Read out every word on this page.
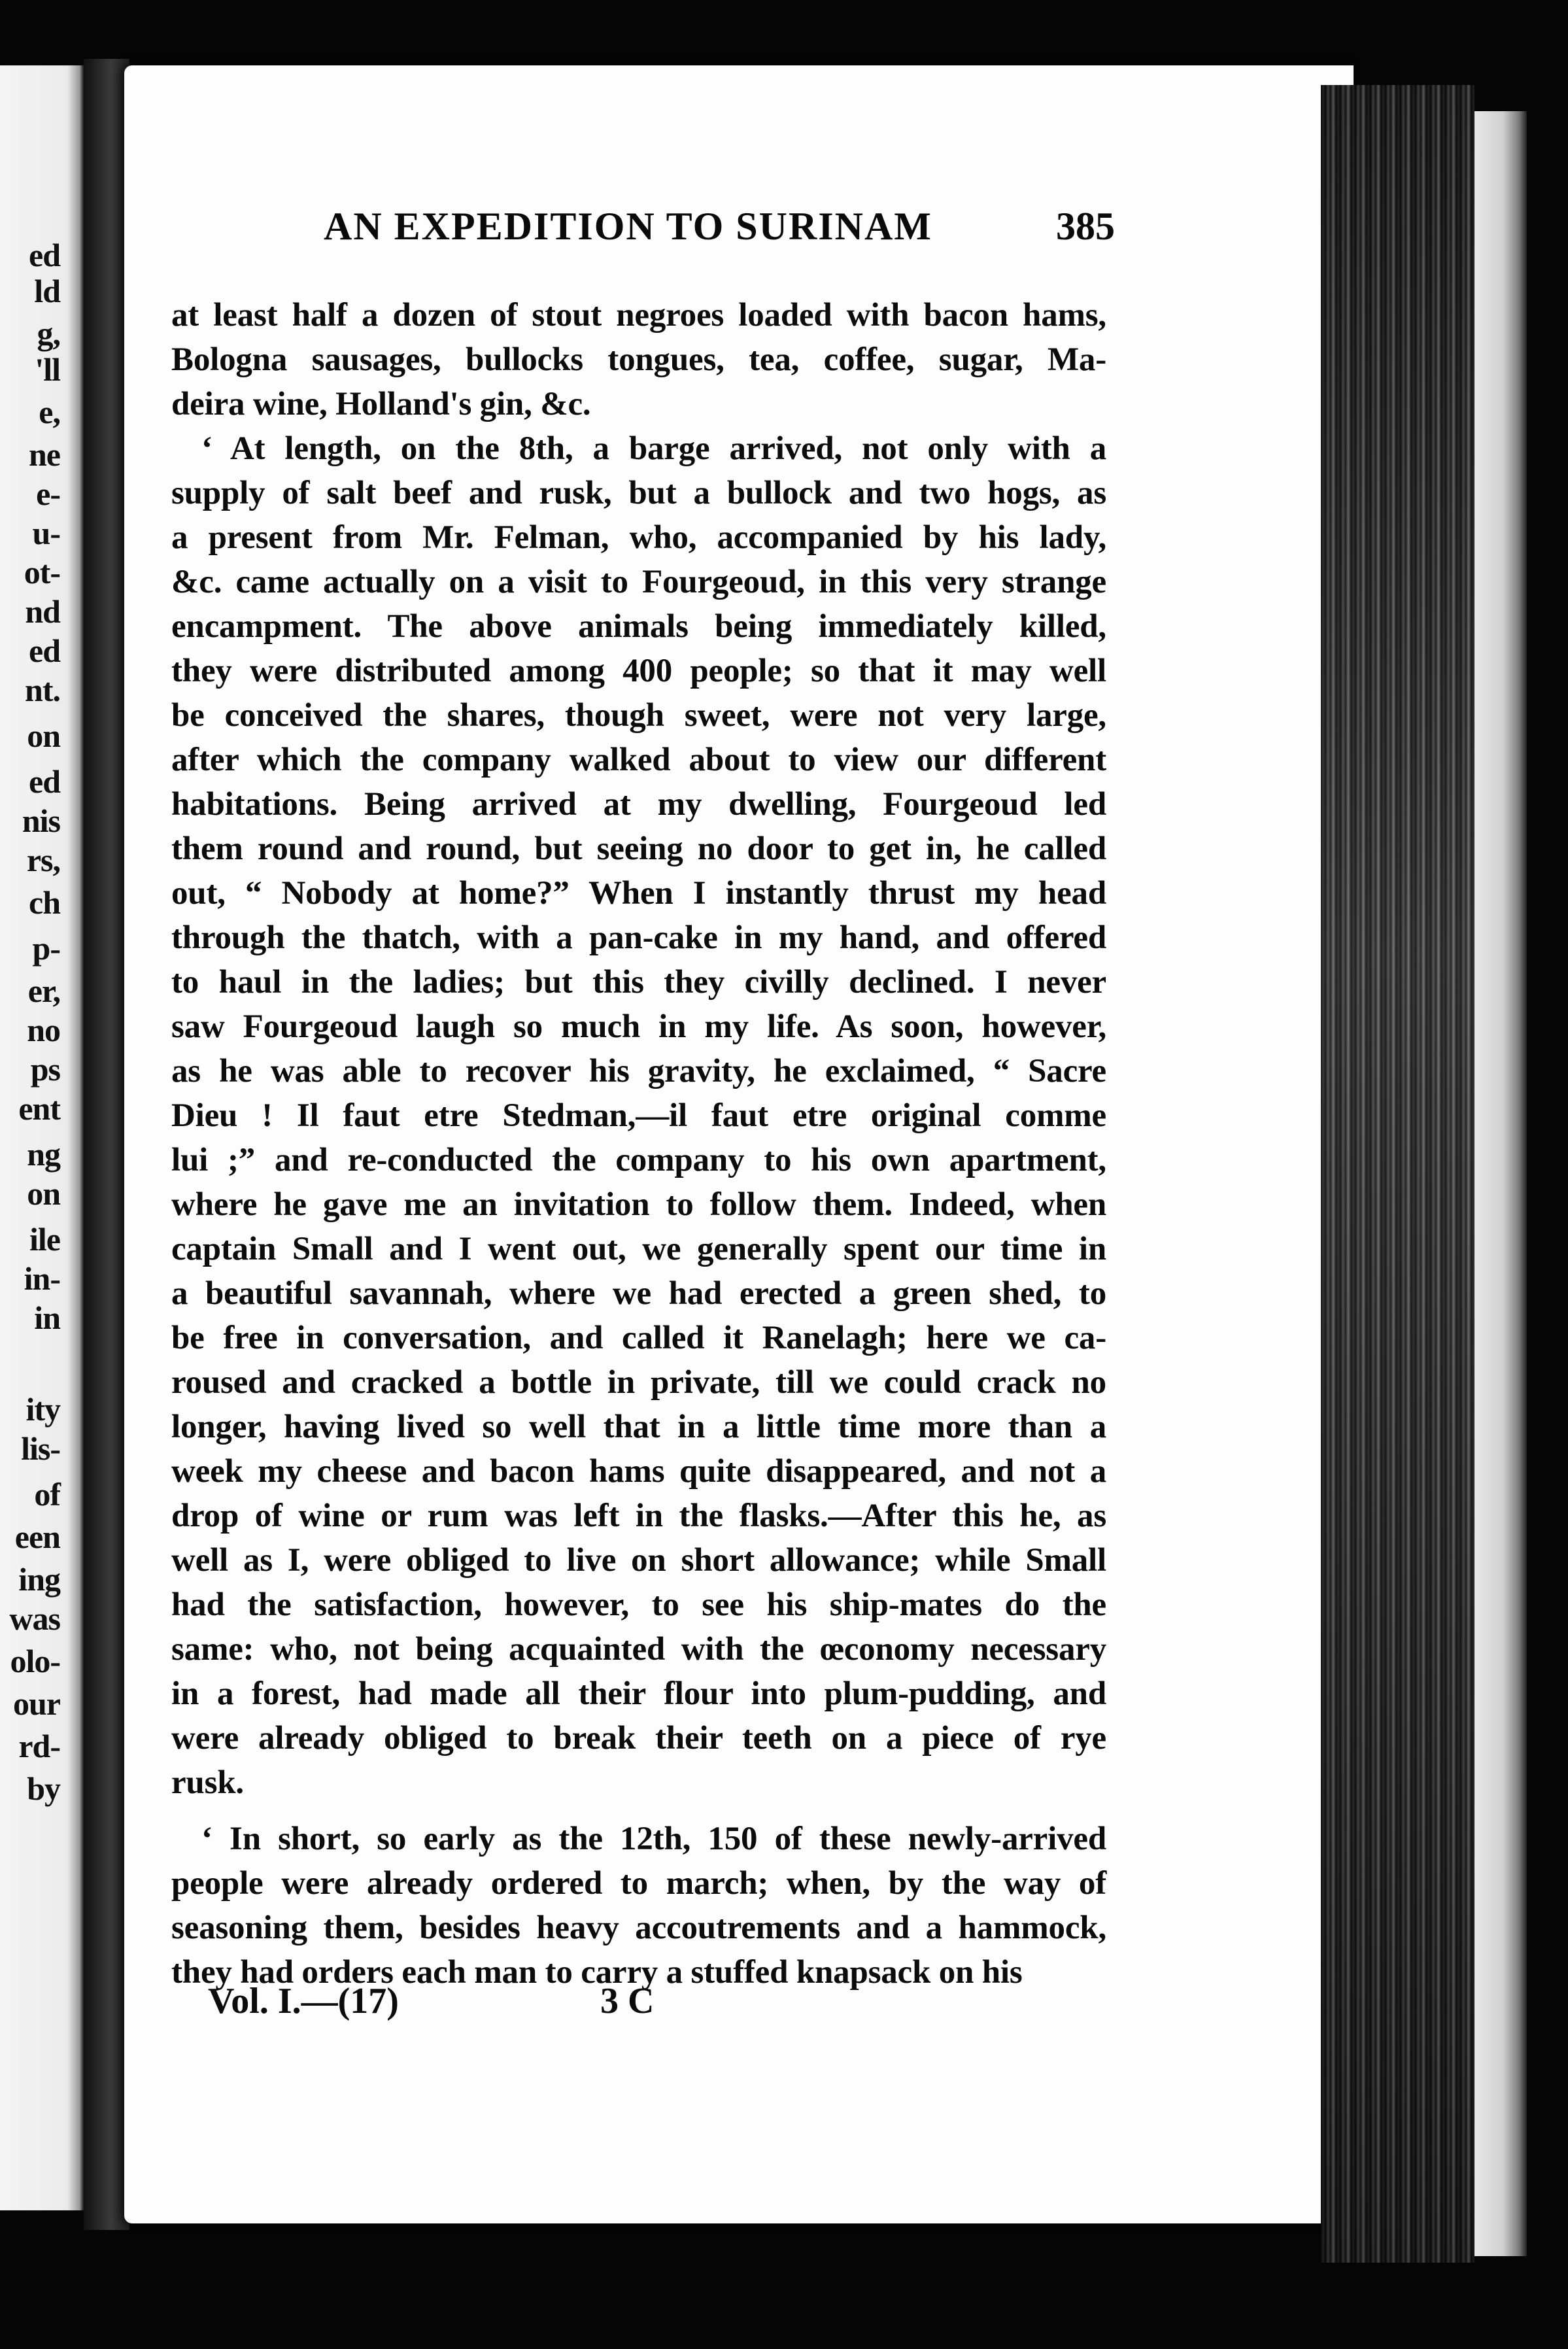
ed
ld
g,
'll
e,
ne
e-
u-
ot-
nd
ed
nt.
on
ed
nis
rs,
ch
p-
er,
no
ps
ent
ng
on
ile
in-
in
ity
lis-
of
een
ing
was
olo-
our
rd-
by
AN EXPEDITION TO SURINAM	385
at least half a dozen of stout negroes loaded with bacon hams,
Bologna sausages, bullocks tongues, tea, coffee, sugar, Ma-
deira wine, Holland's gin, &c.
‘ At length, on the 8th, a barge arrived, not only with a
supply of salt beef and rusk, but a bullock and two hogs, as
a present from Mr. Felman, who, accompanied by his lady,
&c. came actually on a visit to Fourgeoud, in this very strange
encampment. The above animals being immediately killed,
they were distributed among 400 people; so that it may well
be conceived the shares, though sweet, were not very large,
after which the company walked about to view our different
habitations. Being arrived at my dwelling, Fourgeoud led
them round and round, but seeing no door to get in, he called
out, “ Nobody at home?” When I instantly thrust my head
through the thatch, with a pan-cake in my hand, and offered
to haul in the ladies; but this they civilly declined. I never
saw Fourgeoud laugh so much in my life. As soon, however,
as he was able to recover his gravity, he exclaimed, “ Sacre
Dieu ! Il faut etre Stedman,—il faut etre original comme
lui ;” and re-conducted the company to his own apartment,
where he gave me an invitation to follow them. Indeed, when
captain Small and I went out, we generally spent our time in
a beautiful savannah, where we had erected a green shed, to
be free in conversation, and called it Ranelagh; here we ca-
roused and cracked a bottle in private, till we could crack no
longer, having lived so well that in a little time more than a
week my cheese and bacon hams quite disappeared, and not a
drop of wine or rum was left in the flasks.—After this he, as
well as I, were obliged to live on short allowance; while Small
had the satisfaction, however, to see his ship-mates do the
same: who, not being acquainted with the œconomy necessary
in a forest, had made all their flour into plum-pudding, and
were already obliged to break their teeth on a piece of rye
rusk.
‘ In short, so early as the 12th, 150 of these newly-arrived
people were already ordered to march; when, by the way of
seasoning them, besides heavy accoutrements and a hammock,
they had orders each man to carry a stuffed knapsack on his
Vol. I.—(17)	3 C
